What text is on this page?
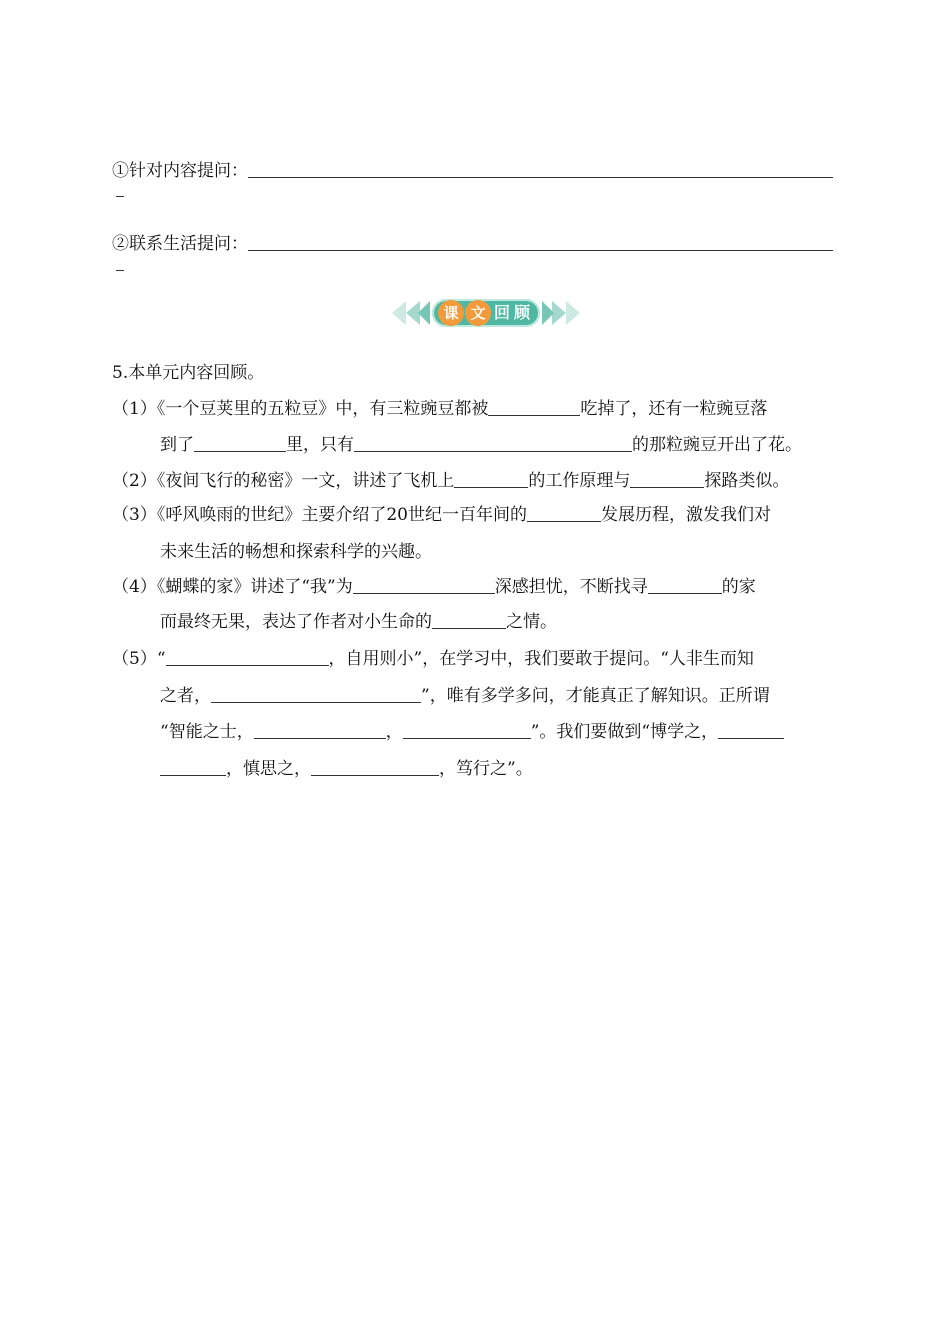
①针对内容提问：
②联系生活提问：
课 文 回 顾
5.本单元内容回顾。
（1）《一个豆荚里的五粒豆》中，有三粒豌豆都被	吃掉了，还有一粒豌豆落
到了	里，只有	的那粒豌豆开出了花。
（2）《夜间飞行的秘密》一文，讲述了飞机上	的工作原理与	探路类似。
（3）《呼风唤雨的世纪》主要介绍了20世纪一百年间的	发展历程，激发我们对
未来生活的畅想和探索科学的兴趣。
（4）《蝴蝶的家》讲述了“我”为	深感担忧，不断找寻	的家
而最终无果，表达了作者对小生命的	之情。
（5）“	，自用则小”，在学习中，我们要敢于提问。“人非生而知
之者，	”，唯有多学多问，才能真正了解知识。正所谓
“智能之士，	，	”。我们要做到“博学之，
，慎思之，	，笃行之”。
